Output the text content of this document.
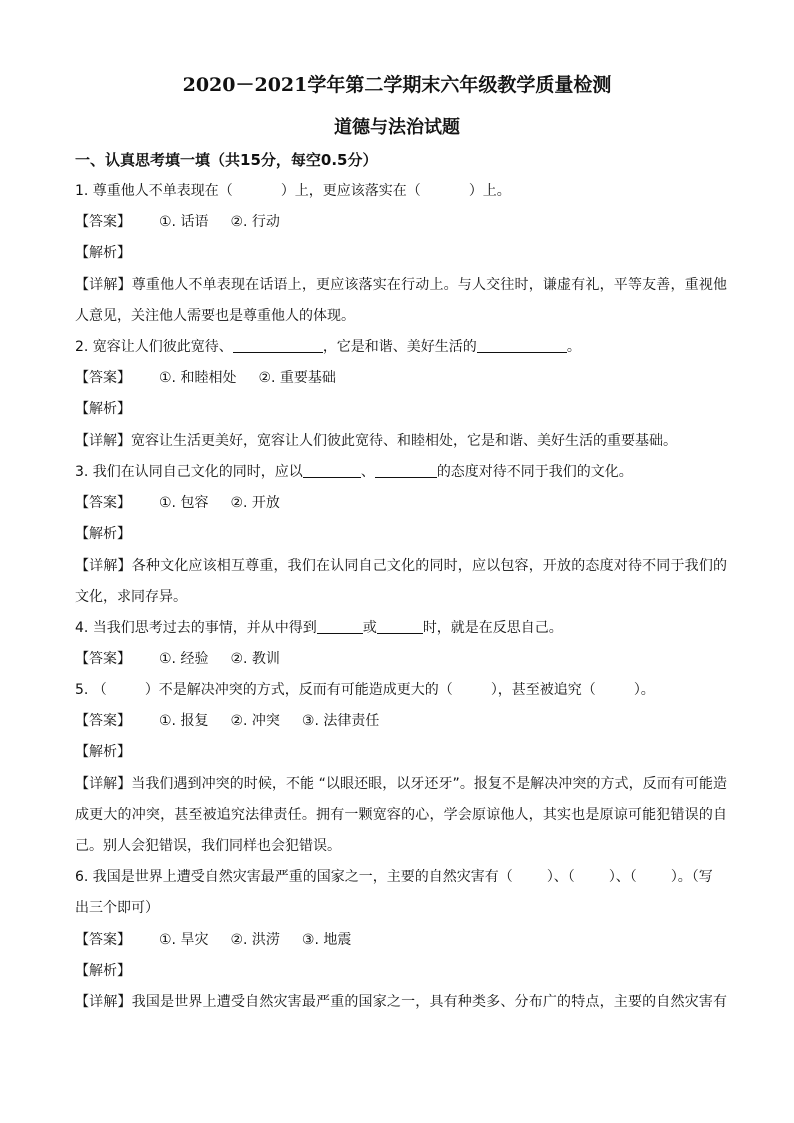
2020－2021学年第二学期末六年级教学质量检测
道德与法治试题
一、认真思考填一填（共15分，每空0.5分）
1. 尊重他人不单表现在（	）上，更应该落实在（	）上。
【答案】 ①. 话语 ②. 行动
【解析】
【详解】尊重他人不单表现在话语上，更应该落实在行动上。与人交往时，谦虚有礼，平等友善，重视他
人意见，关注他人需要也是尊重他人的体现。
2. 宽容让人们彼此宽待、	，它是和谐、美好生活的	。
【答案】 ①. 和睦相处 ②. 重要基础
【解析】
【详解】宽容让生活更美好，宽容让人们彼此宽待、和睦相处，它是和谐、美好生活的重要基础。
3. 我们在认同自己文化的同时，应以	、	的态度对待不同于我们的文化。
【答案】 ①. 包容 ②. 开放
【解析】
【详解】各种文化应该相互尊重，我们在认同自己文化的同时，应以包容，开放的态度对待不同于我们的
文化，求同存异。
4. 当我们思考过去的事情，并从中得到	或	时，就是在反思自己。
【答案】 ①. 经验 ②. 教训
5. （	）不是解决冲突的方式，反而有可能造成更大的（	），甚至被追究（	）。
【答案】 ①. 报复 ②. 冲突 ③. 法律责任
【解析】
【详解】当我们遇到冲突的时候，不能 “以眼还眼，以牙还牙”。报复不是解决冲突的方式，反而有可能造
成更大的冲突，甚至被追究法律责任。拥有一颗宽容的心，学会原谅他人，其实也是原谅可能犯错误的自
己。别人会犯错误，我们同样也会犯错误。
6. 我国是世界上遭受自然灾害最严重的国家之一，主要的自然灾害有（ ）、（ ）、（ ）。（写
出三个即可）
【答案】 ①. 旱灾 ②. 洪涝 ③. 地震
【解析】
【详解】我国是世界上遭受自然灾害最严重的国家之一，具有种类多、分布广的特点，主要的自然灾害有
